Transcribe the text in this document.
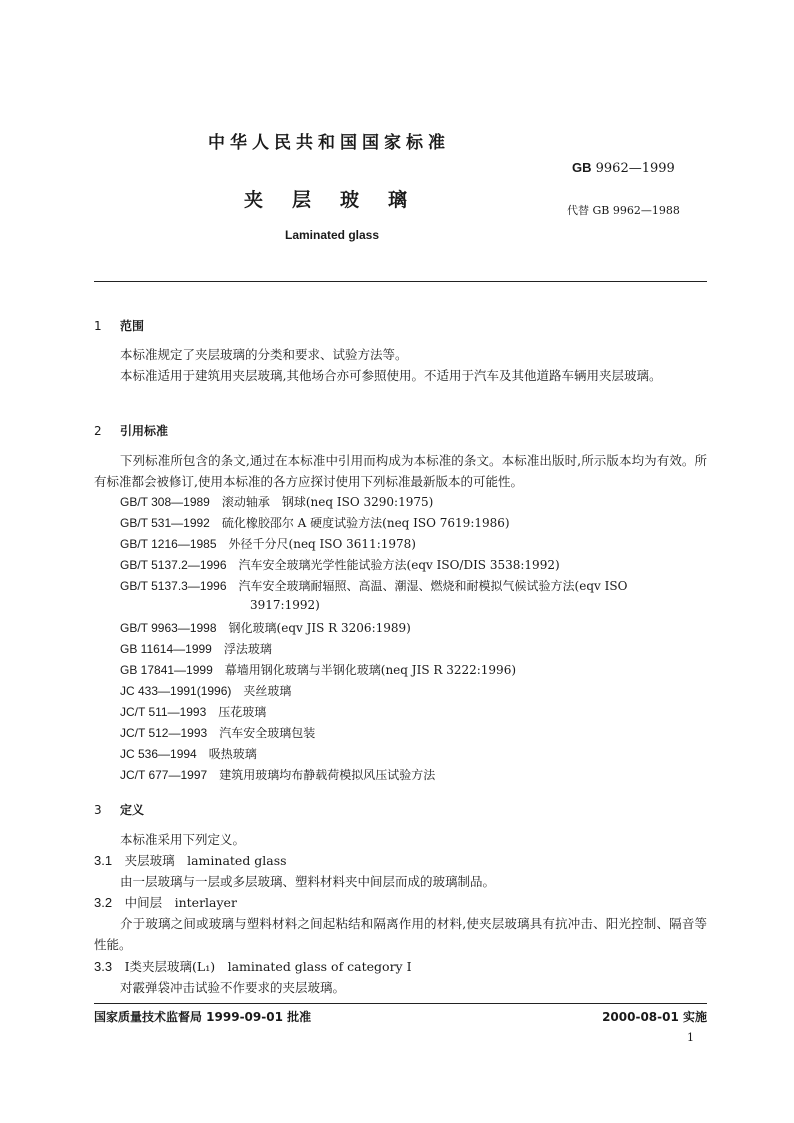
中华人民共和国国家标准
GB 9962—1999
夹层玻璃	代替 GB 9962—1988
Laminated glass
1 范围
本标准规定了夹层玻璃的分类和要求、试验方法等。
本标准适用于建筑用夹层玻璃,其他场合亦可参照使用。不适用于汽车及其他道路车辆用夹层玻璃。
2 引用标准
下列标准所包含的条文,通过在本标准中引用而构成为本标准的条文。本标准出版时,所示版本均为有效。所有标准都会被修订,使用本标准的各方应探讨使用下列标准最新版本的可能性。
GB/T 308—1989　 滚动轴承　钢球(neq ISO 3290:1975)
GB/T 531—1992　 硫化橡胶邵尔 A 硬度试验方法(neq ISO 7619:1986)
GB/T 1216—1985　 外径千分尺(neq ISO 3611:1978)
GB/T 5137.2—1996　 汽车安全玻璃光学性能试验方法(eqv ISO/DIS 3538:1992)
GB/T 5137.3—1996　 汽车安全玻璃耐辐照、高温、潮湿、燃烧和耐模拟气候试验方法(eqv ISO
3917:1992)
GB/T 9963—1998　 钢化玻璃(eqv JIS R 3206:1989)
GB 11614—1999　 浮法玻璃
GB 17841—1999　 幕墙用钢化玻璃与半钢化玻璃(neq JIS R 3222:1996)
JC 433—1991(1996)　 夹丝玻璃
JC/T 511—1993　 压花玻璃
JC/T 512—1993　 汽车安全玻璃包装
JC 536—1994　 吸热玻璃
JC/T 677—1997　 建筑用玻璃均布静载荷模拟风压试验方法
3 定义
本标准采用下列定义。
3.1　 夹层玻璃　laminated glass
由一层玻璃与一层或多层玻璃、塑料材料夹中间层而成的玻璃制品。
3.2　 中间层　interlayer
介于玻璃之间或玻璃与塑料材料之间起粘结和隔离作用的材料,使夹层玻璃具有抗冲击、阳光控制、隔音等性能。
3.3　 Ⅰ类夹层玻璃(L₁)　laminated glass of category Ⅰ
对霰弹袋冲击试验不作要求的夹层玻璃。
国家质量技术监督局 1999-09-01 批准	2000-08-01 实施
1
